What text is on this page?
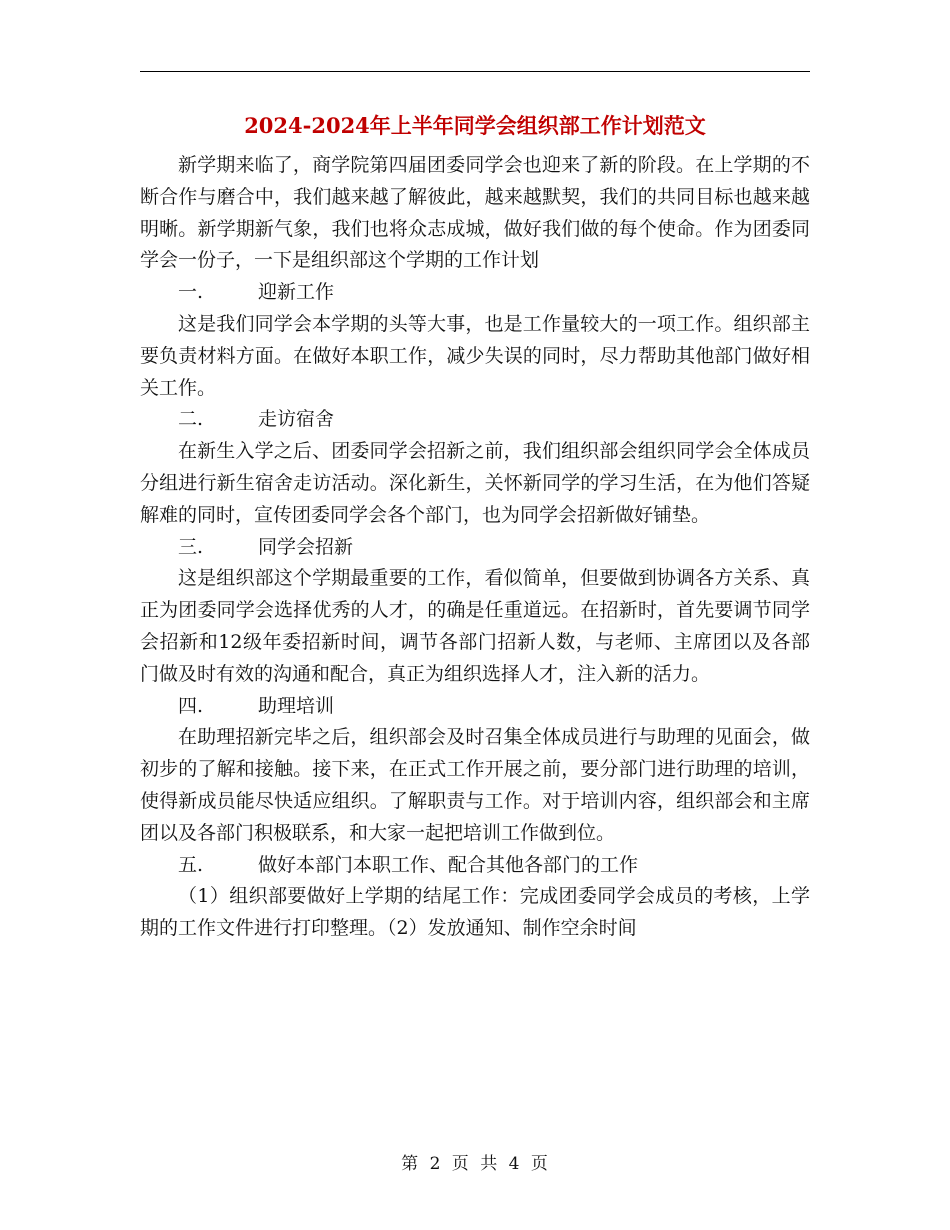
2024-2024年上半年同学会组织部工作计划范文

新学期来临了，商学院第四届团委同学会也迎来了新的阶段。在上学期的不断合作与磨合中，我们越来越了解彼此，越来越默契，我们的共同目标也越来越明晰。新学期新气象，我们也将众志成城，做好我们做的每个使命。作为团委同学会一份子，一下是组织部这个学期的工作计划

一.	迎新工作

这是我们同学会本学期的头等大事，也是工作量较大的一项工作。组织部主要负责材料方面。在做好本职工作，减少失误的同时，尽力帮助其他部门做好相关工作。

二.	走访宿舍

在新生入学之后、团委同学会招新之前，我们组织部会组织同学会全体成员分组进行新生宿舍走访活动。深化新生，关怀新同学的学习生活，在为他们答疑解难的同时，宣传团委同学会各个部门，也为同学会招新做好铺垫。

三.	同学会招新

这是组织部这个学期最重要的工作，看似简单，但要做到协调各方关系、真正为团委同学会选择优秀的人才，的确是任重道远。在招新时，首先要调节同学会招新和12级年委招新时间，调节各部门招新人数，与老师、主席团以及各部门做及时有效的沟通和配合，真正为组织选择人才，注入新的活力。

四.	助理培训

在助理招新完毕之后，组织部会及时召集全体成员进行与助理的见面会，做初步的了解和接触。接下来，在正式工作开展之前，要分部门进行助理的培训，使得新成员能尽快适应组织。了解职责与工作。对于培训内容，组织部会和主席团以及各部门积极联系，和大家一起把培训工作做到位。

五.	做好本部门本职工作、配合其他各部门的工作

（1）组织部要做好上学期的结尾工作：完成团委同学会成员的考核，上学期的工作文件进行打印整理。（2）发放通知、制作空余时间

第 2 页 共 4 页
